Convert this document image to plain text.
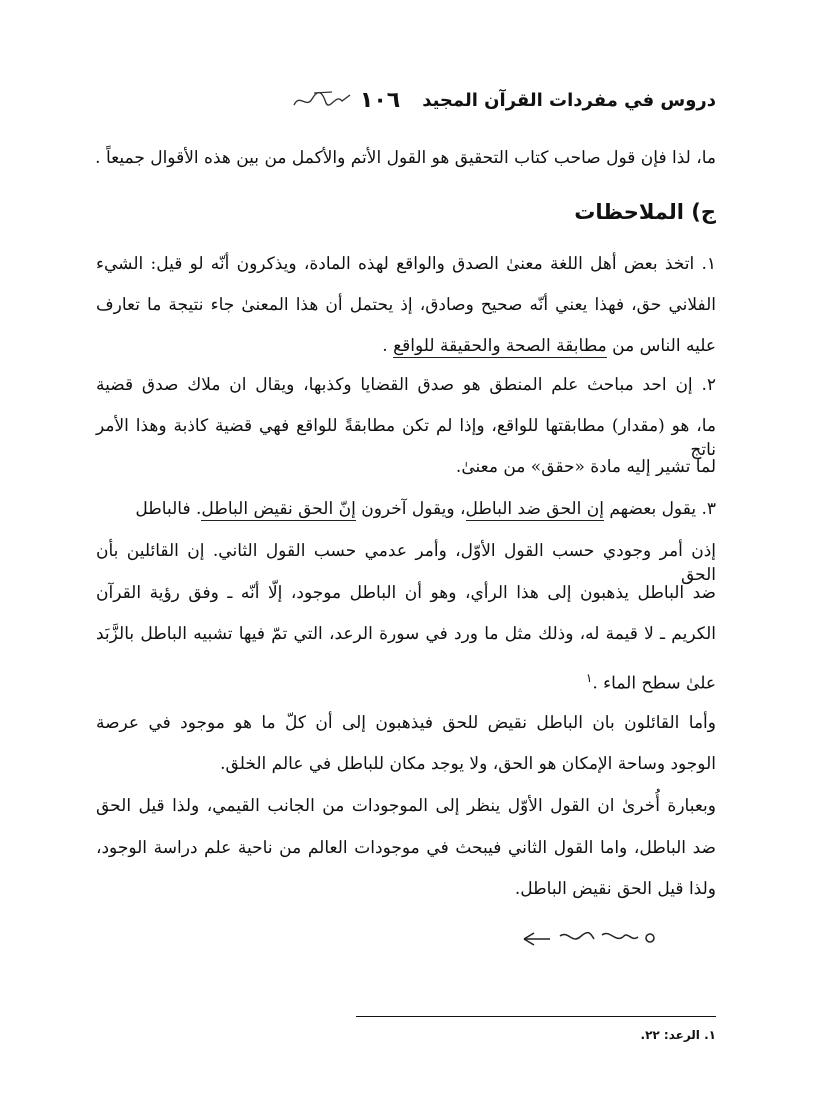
دروس في مفردات القرآن المجيد
١٠٦
ما، لذا فإن قول صاحب كتاب التحقيق هو القول الأتم والأكمل من بين هذه الأقوال جميعاً .
ج) الملاحظات
١. اتخذ بعض أهل اللغة معنىٰ الصدق والواقع لهذه المادة، ويذكرون أنّه لو قيل: الشيء
الفلاني حق، فهذا يعني أنّه صحيح وصادق، إذ يحتمل أن هذا المعنىٰ جاء نتيجة ما تعارف
عليه الناس من مطابقة الصحة والحقيقة للواقع .
٢. إن احد مباحث علم المنطق هو صدق القضايا وكذبها، ويقال ان ملاك صدق قضية
ما، هو (مقدار) مطابقتها للواقع، وإذا لم تكن مطابقةً للواقع فهي قضية كاذبة وهذا الأمر ناتج
لما تشير إليه مادة «حقق» من معنىٰ.
٣. يقول بعضهم إن الحق ضد الباطل، ويقول آخرون إنّ الحق نقيض الباطل. فالباطل
إذن أمر وجودي حسب القول الأوّل، وأمر عدمي حسب القول الثاني. إن القائلين بأن الحق
ضد الباطل يذهبون إلى هذا الرأي، وهو أن الباطل موجود، إلّا أنّه ـ وفق رؤية القرآن
الكريم ـ لا قيمة له، وذلك مثل ما ورد في سورة الرعد، التي تمّ فيها تشبيه الباطل بالزَّبَد
علىٰ سطح الماء .$^١$
وأما القائلون بان الباطل نقيض للحق فيذهبون إلى أن كلّ ما هو موجود في عرصة
الوجود وساحة الإمكان هو الحق، ولا يوجد مكان للباطل في عالم الخلق.
وبعبارة أُخرىٰ ان القول الأوّل ينظر إلى الموجودات من الجانب القيمي، ولذا قيل الحق
ضد الباطل، واما القول الثاني فيبحث في موجودات العالم من ناحية علم دراسة الوجود،
ولذا قيل الحق نقيض الباطل.
١. الرعد: ٢٢.
